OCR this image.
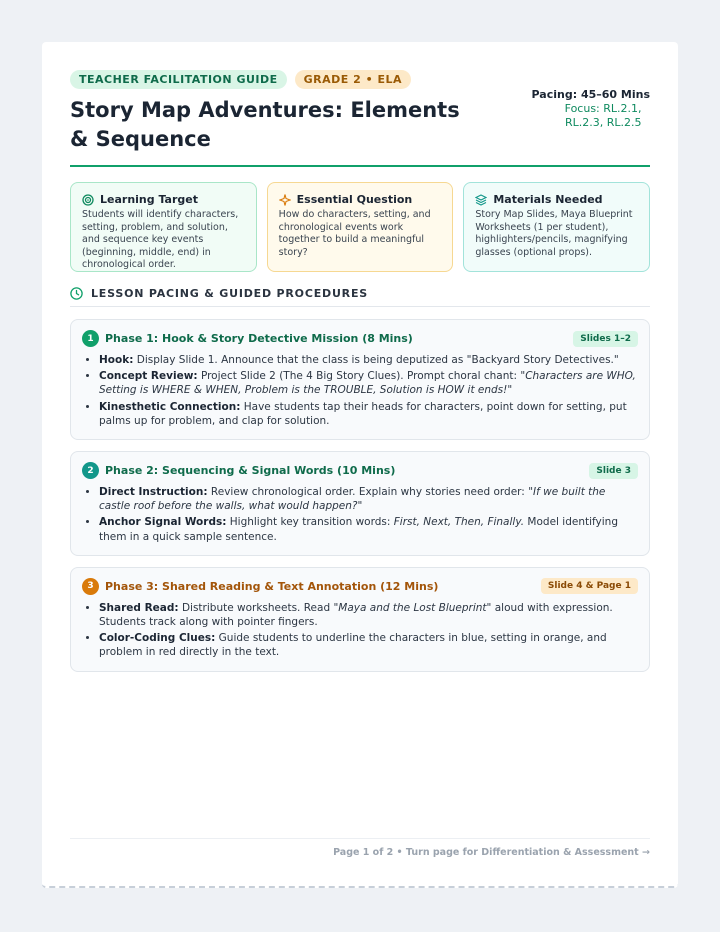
TEACHER FACILITATION GUIDE	GRADE 2 • ELA
Story Map Adventures: Elements & Sequence
Pacing: 45–60 Mins
Focus: RL.2.1, RL.2.3, RL.2.5
Learning Target

Students will identify characters, setting, problem, and solution, and sequence key events (beginning, middle, end) in chronological order.

Essential Question

How do characters, setting, and chronological events work together to build a meaningful story?

Materials Needed

Story Map Slides, Maya Blueprint Worksheets (1 per student), highlighters/pencils, magnifying glasses (optional props).

LESSON PACING & GUIDED PROCEDURES
1	Phase 1: Hook & Story Detective Mission (8 Mins)	Slides 1–2
• Hook: Display Slide 1. Announce that the class is being deputized as "Backyard Story Detectives."
• Concept Review: Project Slide 2 (The 4 Big Story Clues). Prompt choral chant: "Characters are WHO, Setting is WHERE & WHEN, Problem is the TROUBLE, Solution is HOW it ends!"
• Kinesthetic Connection: Have students tap their heads for characters, point down for setting, put palms up for problem, and clap for solution.
2	Phase 2: Sequencing & Signal Words (10 Mins)	Slide 3
• Direct Instruction: Review chronological order. Explain why stories need order: "If we built the castle roof before the walls, what would happen?"
• Anchor Signal Words: Highlight key transition words: First, Next, Then, Finally. Model identifying them in a quick sample sentence.
3	Phase 3: Shared Reading & Text Annotation (12 Mins)	Slide 4 & Page 1
• Shared Read: Distribute worksheets. Read "Maya and the Lost Blueprint" aloud with expression. Students track along with pointer fingers.
• Color-Coding Clues: Guide students to underline the characters in blue, setting in orange, and problem in red directly in the text.
Page 1 of 2 • Turn page for Differentiation & Assessment →
